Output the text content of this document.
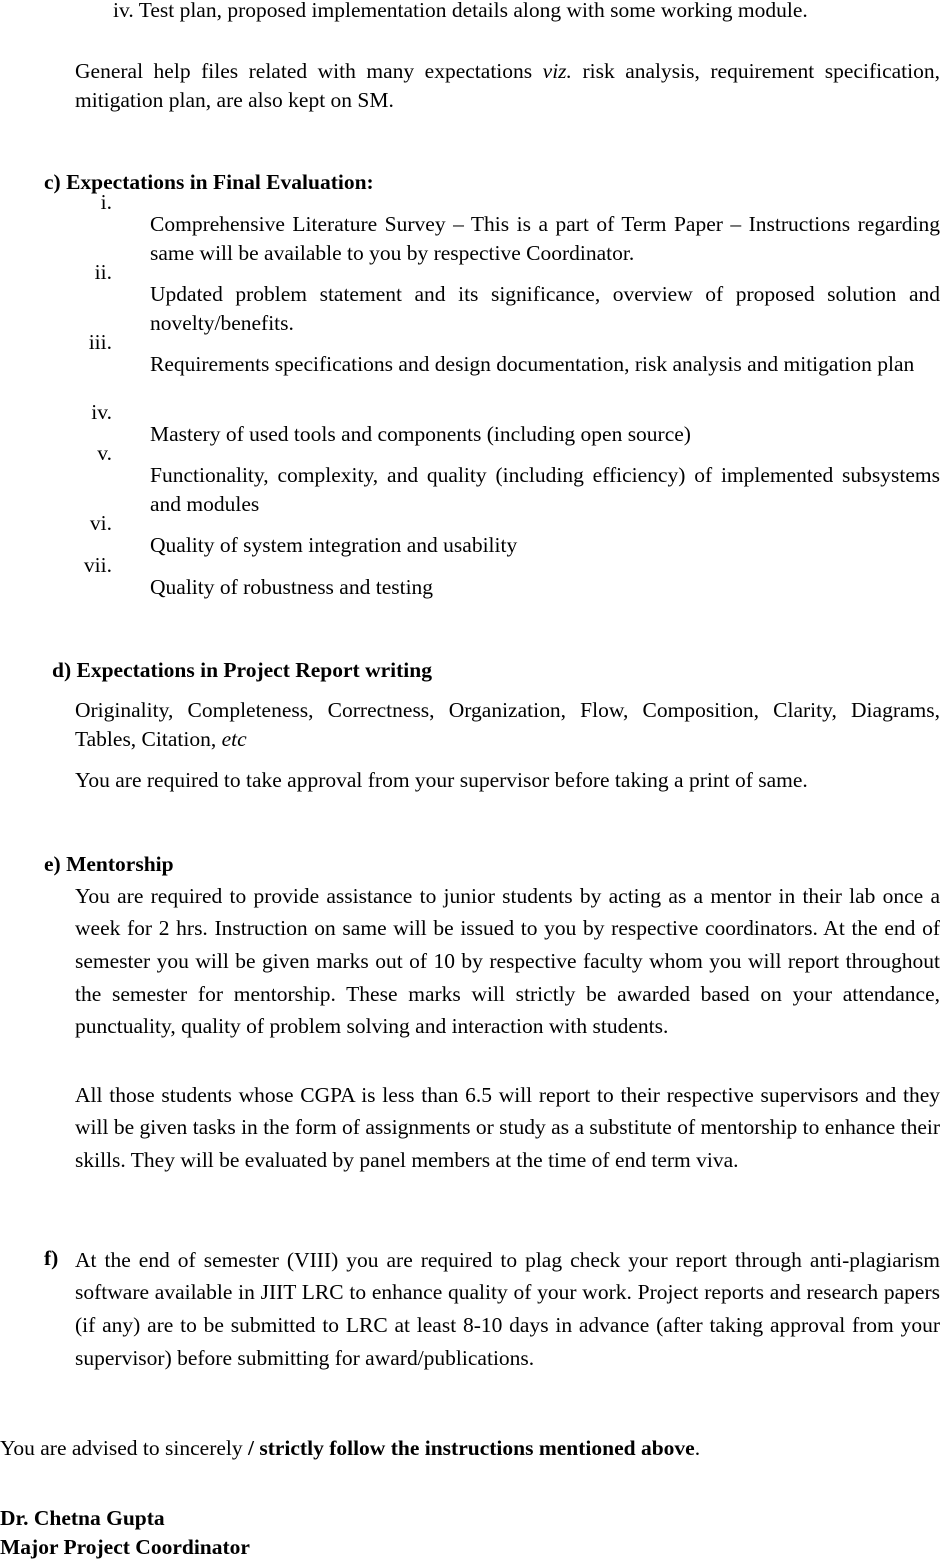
iv. Test plan, proposed implementation details along with some working module.

General help files related with many expectations viz. risk analysis, requirement specification, mitigation plan, are also kept on SM.

c) Expectations in Final Evaluation:

i.

Comprehensive Literature Survey – This is a part of Term Paper – Instructions regarding same will be available to you by respective Coordinator.

ii.

Updated problem statement and its significance, overview of proposed solution and novelty/benefits.

iii.

Requirements specifications and design documentation, risk analysis and mitigation plan

iv.

Mastery of used tools and components (including open source)

v.

Functionality, complexity, and quality (including efficiency) of implemented subsystems and modules

vi.

Quality of system integration and usability

vii.

Quality of robustness and testing

d) Expectations in Project Report writing

Originality, Completeness, Correctness, Organization, Flow, Composition, Clarity, Diagrams, Tables, Citation, etc

You are required to take approval from your supervisor before taking a print of same.

e) Mentorship

You are required to provide assistance to junior students by acting as a mentor in their lab once a week for 2 hrs. Instruction on same will be issued to you by respective coordinators. At the end of semester you will be given marks out of 10 by respective faculty whom you will report throughout the semester for mentorship. These marks will strictly be awarded based on your attendance, punctuality, quality of problem solving and interaction with students.

All those students whose CGPA is less than 6.5 will report to their respective supervisors and they will be given tasks in the form of assignments or study as a substitute of mentorship to enhance their skills. They will be evaluated by panel members at the time of end term viva.

f) At the end of semester (VIII) you are required to plag check your report through anti-plagiarism software available in JIIT LRC to enhance quality of your work. Project reports and research papers (if any) are to be submitted to LRC at least 8-10 days in advance (after taking approval from your supervisor) before submitting for award/publications.

You are advised to sincerely / strictly follow the instructions mentioned above.

Dr. Chetna Gupta

Major Project Coordinator
